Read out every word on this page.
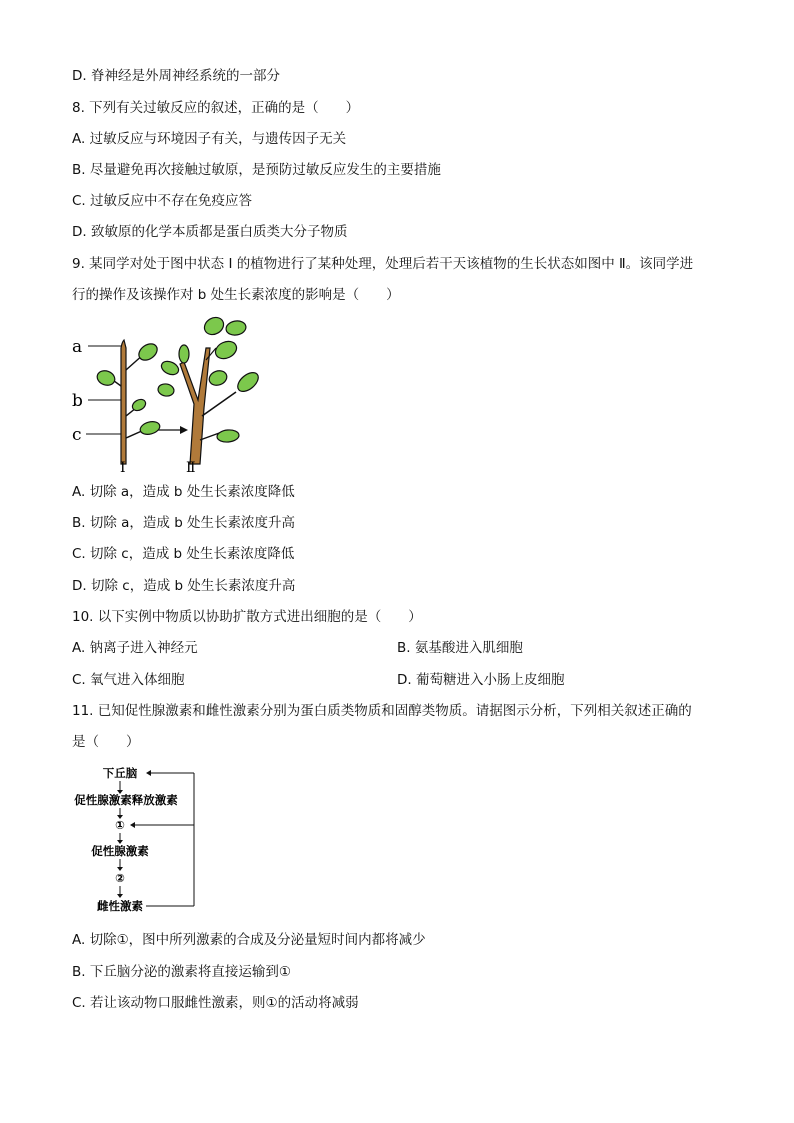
D. 脊神经是外周神经系统的一部分
8. 下列有关过敏反应的叙述，正确的是（　　）
A. 过敏反应与环境因子有关，与遗传因子无关
B. 尽量避免再次接触过敏原，是预防过敏反应发生的主要措施
C. 过敏反应中不存在免疫应答
D. 致敏原的化学本质都是蛋白质类大分子物质
9. 某同学对处于图中状态 I 的植物进行了某种处理，处理后若干天该植物的生长状态如图中 Ⅱ。该同学进
行的操作及该操作对 b 处生长素浓度的影响是（　　）
a
b
c
I	Ⅱ
A. 切除 a，造成 b 处生长素浓度降低
B. 切除 a，造成 b 处生长素浓度升高
C. 切除 c，造成 b 处生长素浓度降低
D. 切除 c，造成 b 处生长素浓度升高
10. 以下实例中物质以协助扩散方式进出细胞的是（　　）
A. 钠离子进入神经元	B. 氨基酸进入肌细胞
C. 氧气进入体细胞	D. 葡萄糖进入小肠上皮细胞
11. 已知促性腺激素和雌性激素分别为蛋白质类物质和固醇类物质。请据图示分析，下列相关叙述正确的
是（　　）
下丘脑
促性腺激素释放激素
①
促性腺激素
②
雌性激素
A. 切除①，图中所列激素的合成及分泌量短时间内都将减少
B. 下丘脑分泌的激素将直接运输到①
C. 若让该动物口服雌性激素，则①的活动将减弱
